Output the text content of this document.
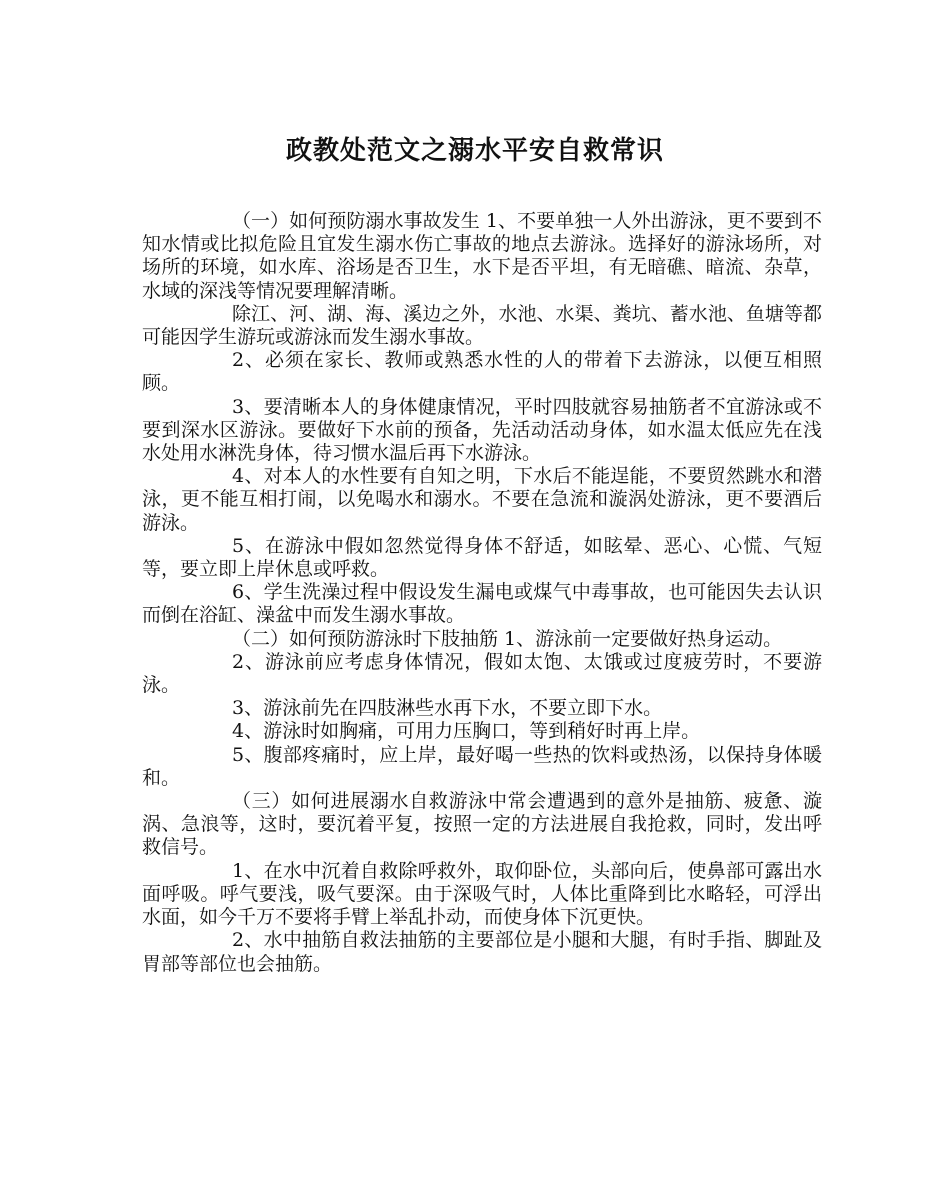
政教处范文之溺水平安自救常识

（一）如何预防溺水事故发生 1、不要单独一人外出游泳，更不要到不知水情或比拟危险且宜发生溺水伤亡事故的地点去游泳。选择好的游泳场所，对场所的环境，如水库、浴场是否卫生，水下是否平坦，有无暗礁、暗流、杂草，水域的深浅等情况要理解清晰。

除江、河、湖、海、溪边之外，水池、水渠、粪坑、蓄水池、鱼塘等都可能因学生游玩或游泳而发生溺水事故。

2、必须在家长、教师或熟悉水性的人的带着下去游泳，以便互相照顾。

3、要清晰本人的身体健康情况，平时四肢就容易抽筋者不宜游泳或不要到深水区游泳。要做好下水前的预备，先活动活动身体，如水温太低应先在浅水处用水淋洗身体，待习惯水温后再下水游泳。

4、对本人的水性要有自知之明，下水后不能逞能，不要贸然跳水和潜泳，更不能互相打闹，以免喝水和溺水。不要在急流和漩涡处游泳，更不要酒后游泳。

5、在游泳中假如忽然觉得身体不舒适，如眩晕、恶心、心慌、气短等，要立即上岸休息或呼救。

6、学生洗澡过程中假设发生漏电或煤气中毒事故，也可能因失去认识而倒在浴缸、澡盆中而发生溺水事故。

（二）如何预防游泳时下肢抽筋 1、游泳前一定要做好热身运动。

2、游泳前应考虑身体情况，假如太饱、太饿或过度疲劳时，不要游泳。

3、游泳前先在四肢淋些水再下水，不要立即下水。

4、游泳时如胸痛，可用力压胸口，等到稍好时再上岸。

5、腹部疼痛时，应上岸，最好喝一些热的饮料或热汤，以保持身体暖和。

（三）如何进展溺水自救游泳中常会遭遇到的意外是抽筋、疲惫、漩涡、急浪等，这时，要沉着平复，按照一定的方法进展自我抢救，同时，发出呼救信号。

1、在水中沉着自救除呼救外，取仰卧位，头部向后，使鼻部可露出水面呼吸。呼气要浅，吸气要深。由于深吸气时，人体比重降到比水略轻，可浮出水面，如今千万不要将手臂上举乱扑动，而使身体下沉更快。

2、水中抽筋自救法抽筋的主要部位是小腿和大腿，有时手指、脚趾及胃部等部位也会抽筋。
